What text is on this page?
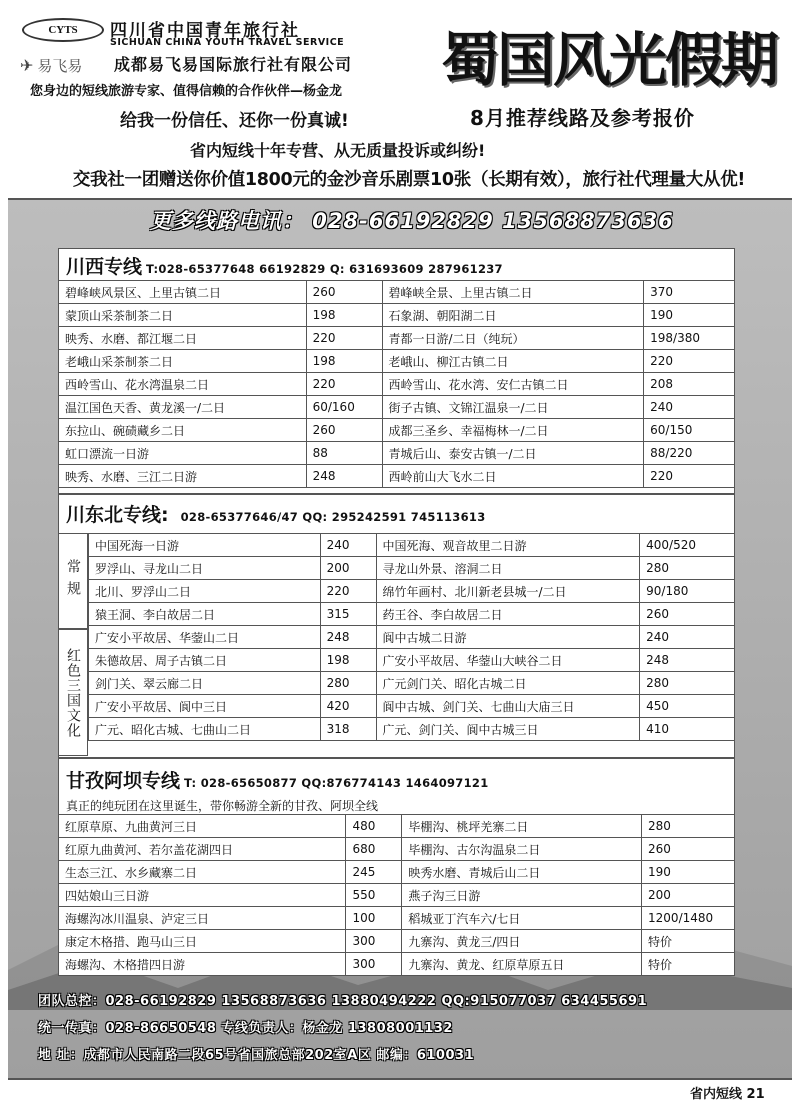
CYTS	四川省中国青年旅行社
SICHUAN CHINA YOUTH TRAVEL SERVICE
✈ 易飞易 成都易飞易国际旅行社有限公司
您身边的短线旅游专家、值得信赖的合作伙伴—杨金龙 蜀国风光假期
给我一份信任、还你一份真诚!	8月推荐线路及参考报价
省内短线十年专营、从无质量投诉或纠纷!
交我社一团赠送你价值1800元的金沙音乐剧票10张（长期有效），旅行社代理量大从优!
更多线路电讯： 028-66192829 13568873636
川西专线 T:028-65377648 66192829 Q: 631693609 287961237
碧峰峡风景区、上里古镇二日	260	碧峰峡全景、上里古镇二日	370
蒙顶山采茶制茶二日	198	石象湖、朝阳湖二日	190
映秀、水磨、都江堰二日	220	青都一日游/二日（纯玩）	198/380
老峨山采茶制茶二日	198	老峨山、柳江古镇二日	220
西岭雪山、花水湾温泉二日	220	西岭雪山、花水湾、安仁古镇二日	208
温江国色天香、黄龙溪一/二日	60/160	街子古镇、文锦江温泉一/二日	240
东拉山、碗碛藏乡二日	260	成都三圣乡、幸福梅林一/二日	60/150
虹口漂流一日游	88	青城后山、泰安古镇一/二日	88/220
映秀、水磨、三江二日游	248	西岭前山大飞水二日	220
川东北专线: 028-65377646/47 QQ: 295242591 745113613
常规
红色三国文化
中国死海一日游	240	中国死海、观音故里二日游	400/520
罗浮山、寻龙山二日	200	寻龙山外景、溶洞二日	280
北川、罗浮山二日	220	绵竹年画村、北川新老县城一/二日	90/180
猿王洞、李白故居二日	315	药王谷、李白故居二日	260
广安小平故居、华蓥山二日	248	阆中古城二日游	240
朱德故居、周子古镇二日	198	广安小平故居、华蓥山大峡谷二日	248
剑门关、翠云廊二日	280	广元剑门关、昭化古城二日	280
广安小平故居、阆中三日	420	阆中古城、剑门关、七曲山大庙三日	450
广元、昭化古城、七曲山二日	318	广元、剑门关、阆中古城三日	410
甘孜阿坝专线 T: 028-65650877 QQ:876774143 1464097121
真正的纯玩团在这里诞生，带你畅游全新的甘孜、阿坝全线
红原草原、九曲黄河三日	480	毕棚沟、桃坪羌寨二日	280
红原九曲黄河、若尔盖花湖四日	680	毕棚沟、古尔沟温泉二日	260
生态三江、水乡藏寨二日	245	映秀水磨、青城后山二日	190
四姑娘山三日游	550	燕子沟三日游	200
海螺沟冰川温泉、泸定三日	100	稻城亚丁汽车六/七日	1200/1480
康定木格措、跑马山三日	300	九寨沟、黄龙三/四日	特价
海螺沟、木格措四日游	300	九寨沟、黄龙、红原草原五日	特价
团队总控：028-66192829 13568873636 13880494222 QQ:915077037 634455691
统一传真：028-86650548 专线负责人：杨金龙 13808001132
地 址：成都市人民南路二段65号省国旅总部202室A区 邮编：610031
省内短线 21
